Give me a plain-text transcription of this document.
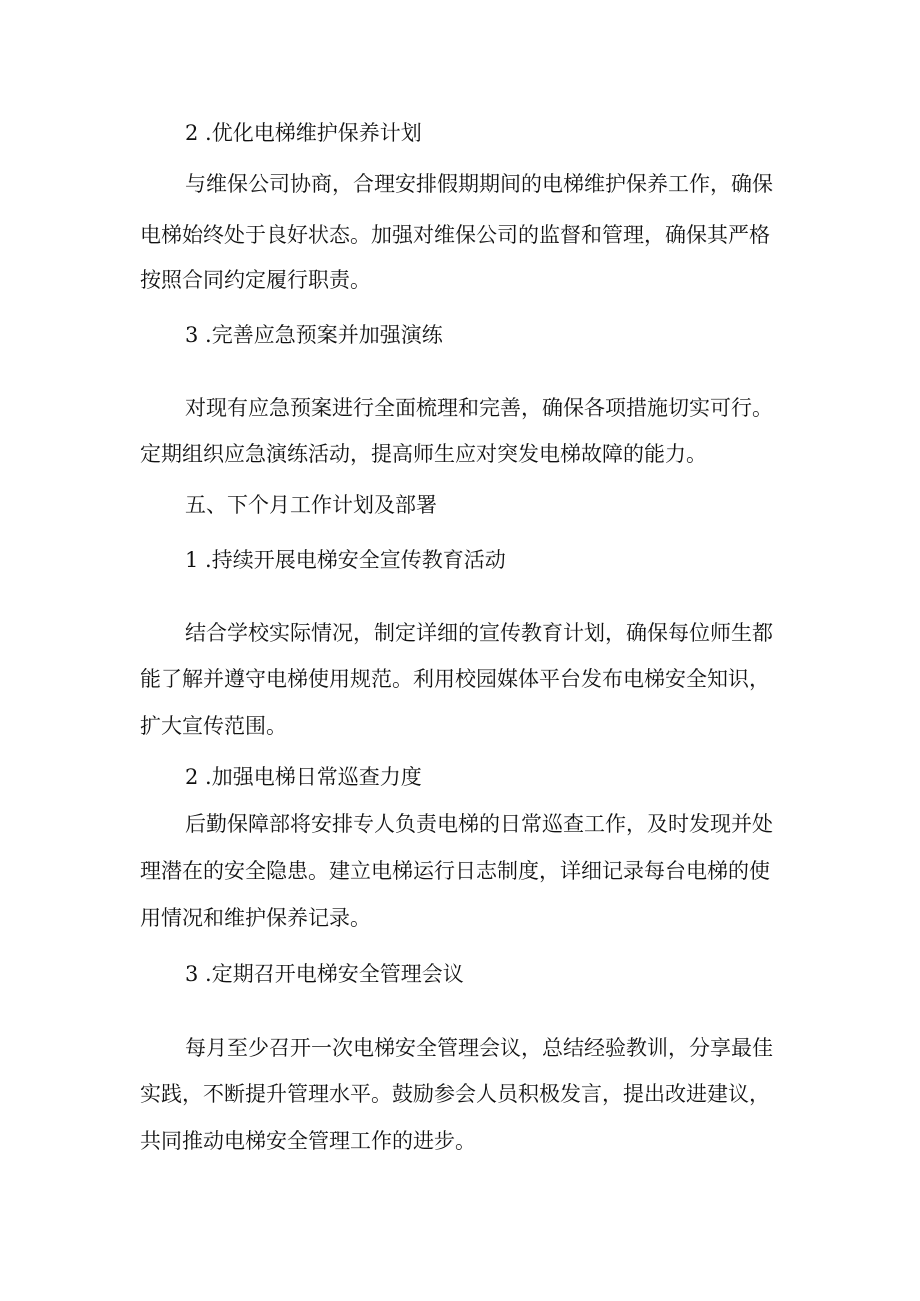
2 .优化电梯维护保养计划

与维保公司协商，合理安排假期期间的电梯维护保养工作，确保

电梯始终处于良好状态。加强对维保公司的监督和管理，确保其严格

按照合同约定履行职责。

3 .完善应急预案并加强演练

对现有应急预案进行全面梳理和完善，确保各项措施切实可行。

定期组织应急演练活动，提高师生应对突发电梯故障的能力。

五、下个月工作计划及部署

1 .持续开展电梯安全宣传教育活动

结合学校实际情况，制定详细的宣传教育计划，确保每位师生都

能了解并遵守电梯使用规范。利用校园媒体平台发布电梯安全知识，

扩大宣传范围。

2 .加强电梯日常巡查力度

后勤保障部将安排专人负责电梯的日常巡查工作，及时发现并处

理潜在的安全隐患。建立电梯运行日志制度，详细记录每台电梯的使

用情况和维护保养记录。

3 .定期召开电梯安全管理会议

每月至少召开一次电梯安全管理会议，总结经验教训，分享最佳

实践，不断提升管理水平。鼓励参会人员积极发言，提出改进建议，

共同推动电梯安全管理工作的进步。
